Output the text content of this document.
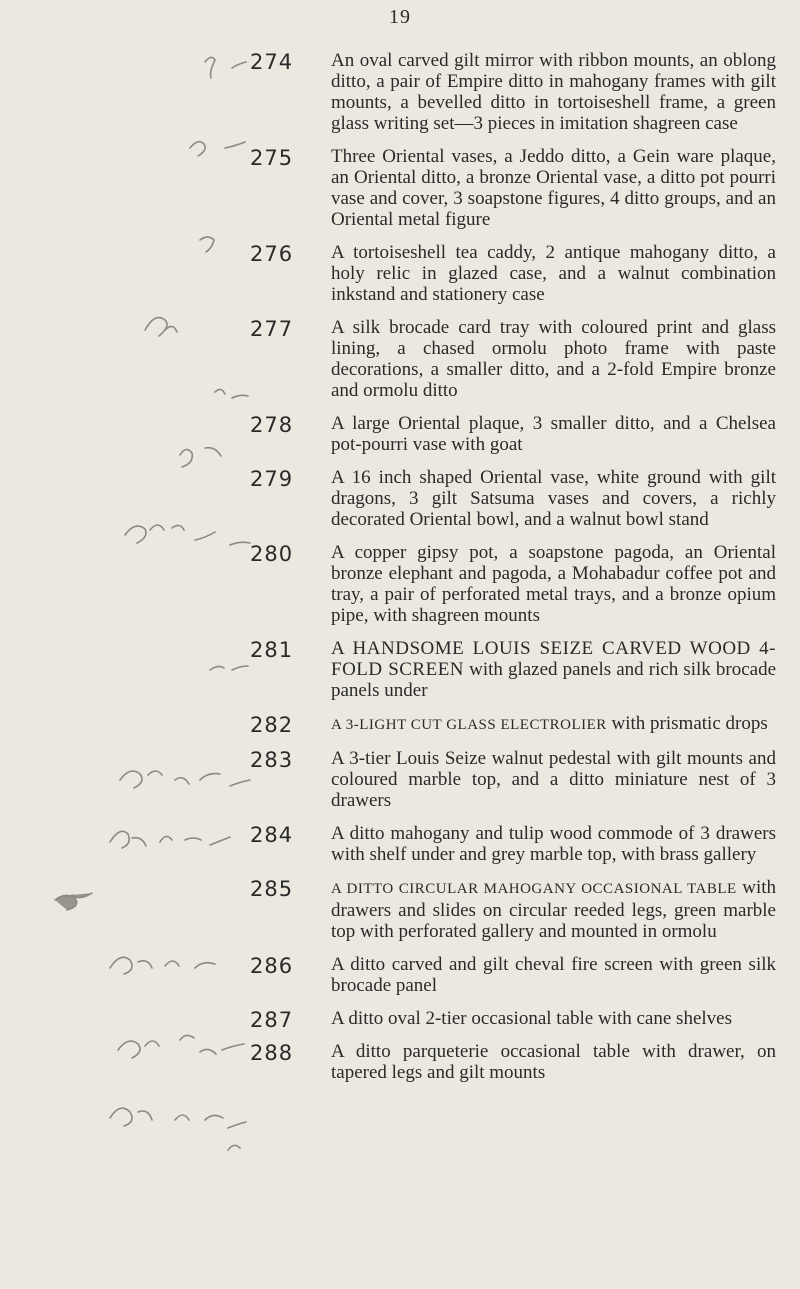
19
274	An oval carved gilt mirror with ribbon mounts, an oblong ditto, a pair of Empire ditto in mahogany frames with gilt mounts, a bevelled ditto in tortoiseshell frame, a green glass writing set—3 pieces in imitation shagreen case
275	Three Oriental vases, a Jeddo ditto, a Gein ware plaque, an Oriental ditto, a bronze Oriental vase, a ditto pot pourri vase and cover, 3 soapstone figures, 4 ditto groups, and an Oriental metal figure
276	A tortoiseshell tea caddy, 2 antique mahogany ditto, a holy relic in glazed case, and a walnut combination inkstand and stationery case
277	A silk brocade card tray with coloured print and glass lining, a chased ormolu photo frame with paste decorations, a smaller ditto, and a 2-fold Empire bronze and ormolu ditto
278	A large Oriental plaque, 3 smaller ditto, and a Chelsea pot-pourri vase with goat
279	A 16 inch shaped Oriental vase, white ground with gilt dragons, 3 gilt Satsuma vases and covers, a richly decorated Oriental bowl, and a walnut bowl stand
280	A copper gipsy pot, a soapstone pagoda, an Oriental bronze elephant and pagoda, a Mohabadur coffee pot and tray, a pair of perforated metal trays, and a bronze opium pipe, with shagreen mounts
281	A HANDSOME LOUIS SEIZE CARVED WOOD 4-FOLD SCREEN with glazed panels and rich silk brocade panels under
282	A 3-LIGHT CUT GLASS ELECTROLIER with prismatic drops
283	A 3-tier Louis Seize walnut pedestal with gilt mounts and coloured marble top, and a ditto miniature nest of 3 drawers
284	A ditto mahogany and tulip wood commode of 3 drawers with shelf under and grey marble top, with brass gallery
285	A DITTO CIRCULAR MAHOGANY OCCASIONAL TABLE with drawers and slides on circular reeded legs, green marble top with perforated gallery and mounted in ormolu
286	A ditto carved and gilt cheval fire screen with green silk brocade panel
287	A ditto oval 2-tier occasional table with cane shelves
288	A ditto parqueterie occasional table with drawer, on tapered legs and gilt mounts
